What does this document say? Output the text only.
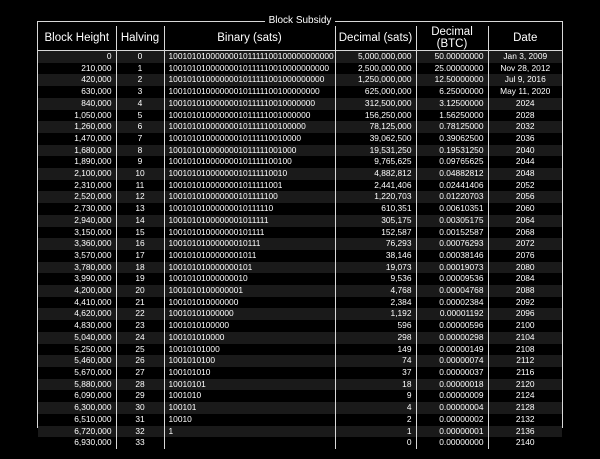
Block Subsidy
Block Height	Halving	Binary (sats)	Decimal (sats)	Decimal (BTC)	Date
0	0	100101010000000101111100100000000000	5,000,000,000	50.00000000	Jan 3, 2009
210,000	1	10010101000000010111110010000000000	2,500,000,000	25.00000000	Nov 28, 2012
420,000	2	1001010100000001011111001000000000	1,250,000,000	12.50000000	Jul 9, 2016
630,000	3	100101010000000101111100100000000	625,000,000	6.25000000	May 11, 2020
840,000	4	10010101000000010111110010000000	312,500,000	3.12500000	2024
1,050,000	5	1001010100000001011111001000000	156,250,000	1.56250000	2028
1,260,000	6	100101010000000101111100100000	78,125,000	0.78125000	2032
1,470,000	7	10010101000000010111110010000	39,062,500	0.39062500	2036
1,680,000	8	1001010100000001011111001000	19,531,250	0.19531250	2040
1,890,000	9	100101010000000101111100100	9,765,625	0.09765625	2044
2,100,000	10	10010101000000010111110010	4,882,812	0.04882812	2048
2,310,000	11	1001010100000001011111001	2,441,406	0.02441406	2052
2,520,000	12	100101010000000101111100	1,220,703	0.01220703	2056
2,730,000	13	10010101000000010111110	610,351	0.00610351	2060
2,940,000	14	1001010100000001011111	305,175	0.00305175	2064
3,150,000	15	100101010000000101111	152,587	0.00152587	2068
3,360,000	16	10010101000000010111	76,293	0.00076293	2072
3,570,000	17	1001010100000001011	38,146	0.00038146	2076
3,780,000	18	100101010000000101	19,073	0.00019073	2080
3,990,000	19	10010101000000010	9,536	0.00009536	2084
4,200,000	20	1001010100000001	4,768	0.00004768	2088
4,410,000	21	100101010000000	2,384	0.00002384	2092
4,620,000	22	10010101000000	1,192	0.00001192	2096
4,830,000	23	1001010100000	596	0.00000596	2100
5,040,000	24	100101010000	298	0.00000298	2104
5,250,000	25	10010101000	149	0.00000149	2108
5,460,000	26	1001010100	74	0.00000074	2112
5,670,000	27	100101010	37	0.00000037	2116
5,880,000	28	10010101	18	0.00000018	2120
6,090,000	29	1001010	9	0.00000009	2124
6,300,000	30	100101	4	0.00000004	2128
6,510,000	31	10010	2	0.00000002	2132
6,720,000	32	1	1	0.00000001	2136
6,930,000	33		0	0.00000000	2140
